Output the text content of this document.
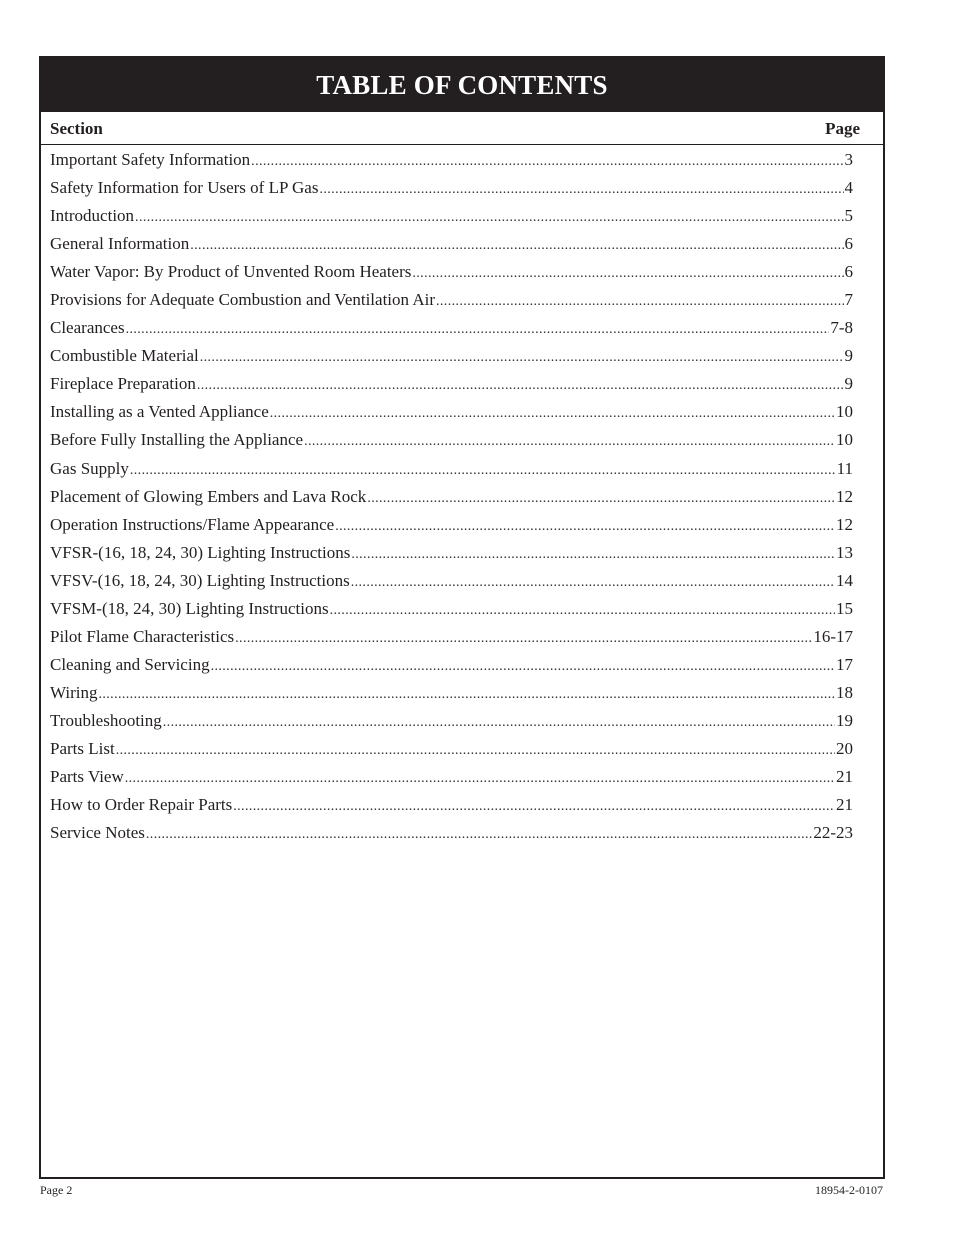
TABLE OF CONTENTS
Section	Page
Important Safety Information .....	3
Safety Information for Users of LP Gas .....	4
Introduction .....	5
General Information .....	6
Water Vapor: By Product of Unvented Room Heaters .....	6
Provisions for Adequate Combustion and Ventilation Air .....	7
Clearances .....	7-8
Combustible Material .....	9
Fireplace Preparation .....	9
Installing as a Vented Appliance .....	10
Before Fully Installing the Appliance .....	10
Gas Supply .....	11
Placement of Glowing Embers and Lava Rock .....	12
Operation Instructions/Flame Appearance .....	12
VFSR-(16, 18, 24, 30) Lighting Instructions .....	13
VFSV-(16, 18, 24, 30) Lighting Instructions .....	14
VFSM-(18, 24, 30) Lighting Instructions .....	15
Pilot Flame Characteristics .....	16-17
Cleaning and Servicing .....	17
Wiring .....	18
Troubleshooting .....	19
Parts List .....	20
Parts View .....	21
How to Order Repair Parts .....	21
Service Notes .....	22-23
Page 2	18954-2-0107
